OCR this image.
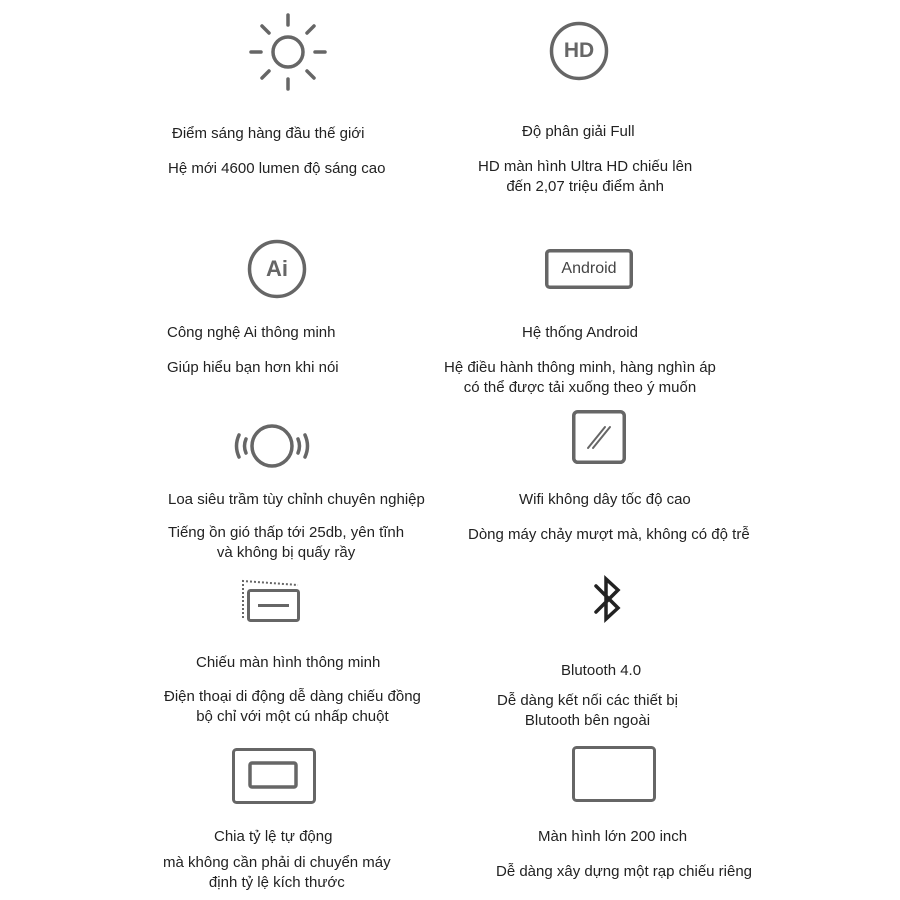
Điểm sáng hàng đầu thế giới
Hệ mới 4600 lumen độ sáng cao
HD
Độ phân giải Full
HD màn hình Ultra HD chiếu lên
đến 2,07 triệu điểm ảnh
Ai
Công nghệ Ai thông minh
Giúp hiểu bạn hơn khi nói
Android
Hệ thống Android
Hệ điều hành thông minh, hàng nghìn áp
có thể được tải xuống theo ý muốn
Loa siêu trầm tùy chỉnh chuyên nghiệp
Tiếng ồn gió thấp tới 25db, yên tĩnh
và không bị quấy rầy
Wifi không dây tốc độ cao
Dòng máy chảy mượt mà, không có độ trễ
Chiếu màn hình thông minh
Điện thoại di động dễ dàng chiếu đồng
bộ chỉ với một cú nhấp chuột
Blutooth 4.0
Dễ dàng kết nối các thiết bị
Blutooth bên ngoài
Chia tỷ lệ tự động
mà không cần phải di chuyển máy
định tỷ lệ kích thước
Màn hình lớn 200 inch
Dễ dàng xây dựng một rạp chiếu riêng
